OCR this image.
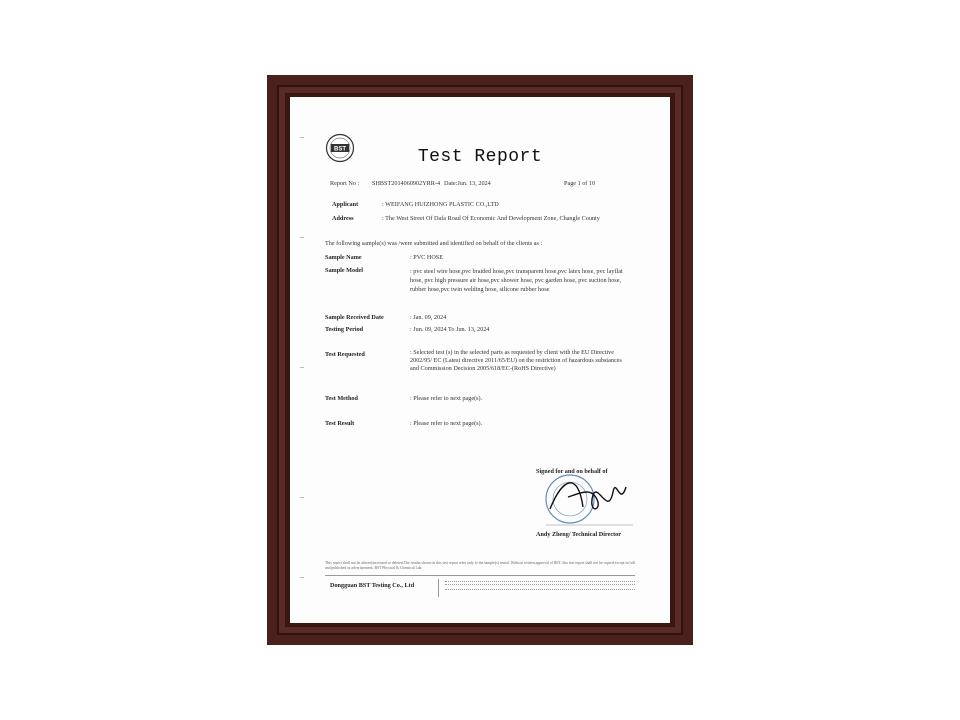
BST	Test Report
Report No : SHBST2014060902YRR-4 Date:Jun. 13, 2024	Page 1 of 10
Applicant	: WEIFANG HUIZHONG PLASTIC CO.,LTD
Address	: The West Street Of Dafa Road Of Economic And Development Zone, Changle County
The following sample(s) was /were submitted and identified on behalf of the clients as :
Sample Name	: PVC HOSE
Sample Model	: pvc steel wire hose,pvc braided hose,pvc transparent hose,pvc latex hose, pvc layflat hose, pvc high pressure air hose,pvc shower hose, pvc garden hose, pvc suction hose, rubber hose,pvc twin welding hose, silicone rubber hose
Sample Received Date	: Jan. 09, 2024
Testing Period	: Jun. 09, 2024 To Jun. 13, 2024
Test Requested	: Selected test (s) in the selected parts as requested by client with the EU Directive 2002/95/ EC (Latest directive 2011/65/EU) on the restriction of hazardous substances and Commission Decision 2005/618/EC-(RoHS Directive)
Test Method	: Please refer to next page(s).
Test Result	: Please refer to next page(s).
Signed for and on behalf of
Andy Zheng/ Technical Director
This report shall not be altered,increased or deleted.The results shown in this test report refer only to the sample(s) tested. Without written approval of BST, this test report shall not be copied except in full and published as advertisement. BST Physical & Chemical Lab.
Dongguan BST Testing Co., Ltd
